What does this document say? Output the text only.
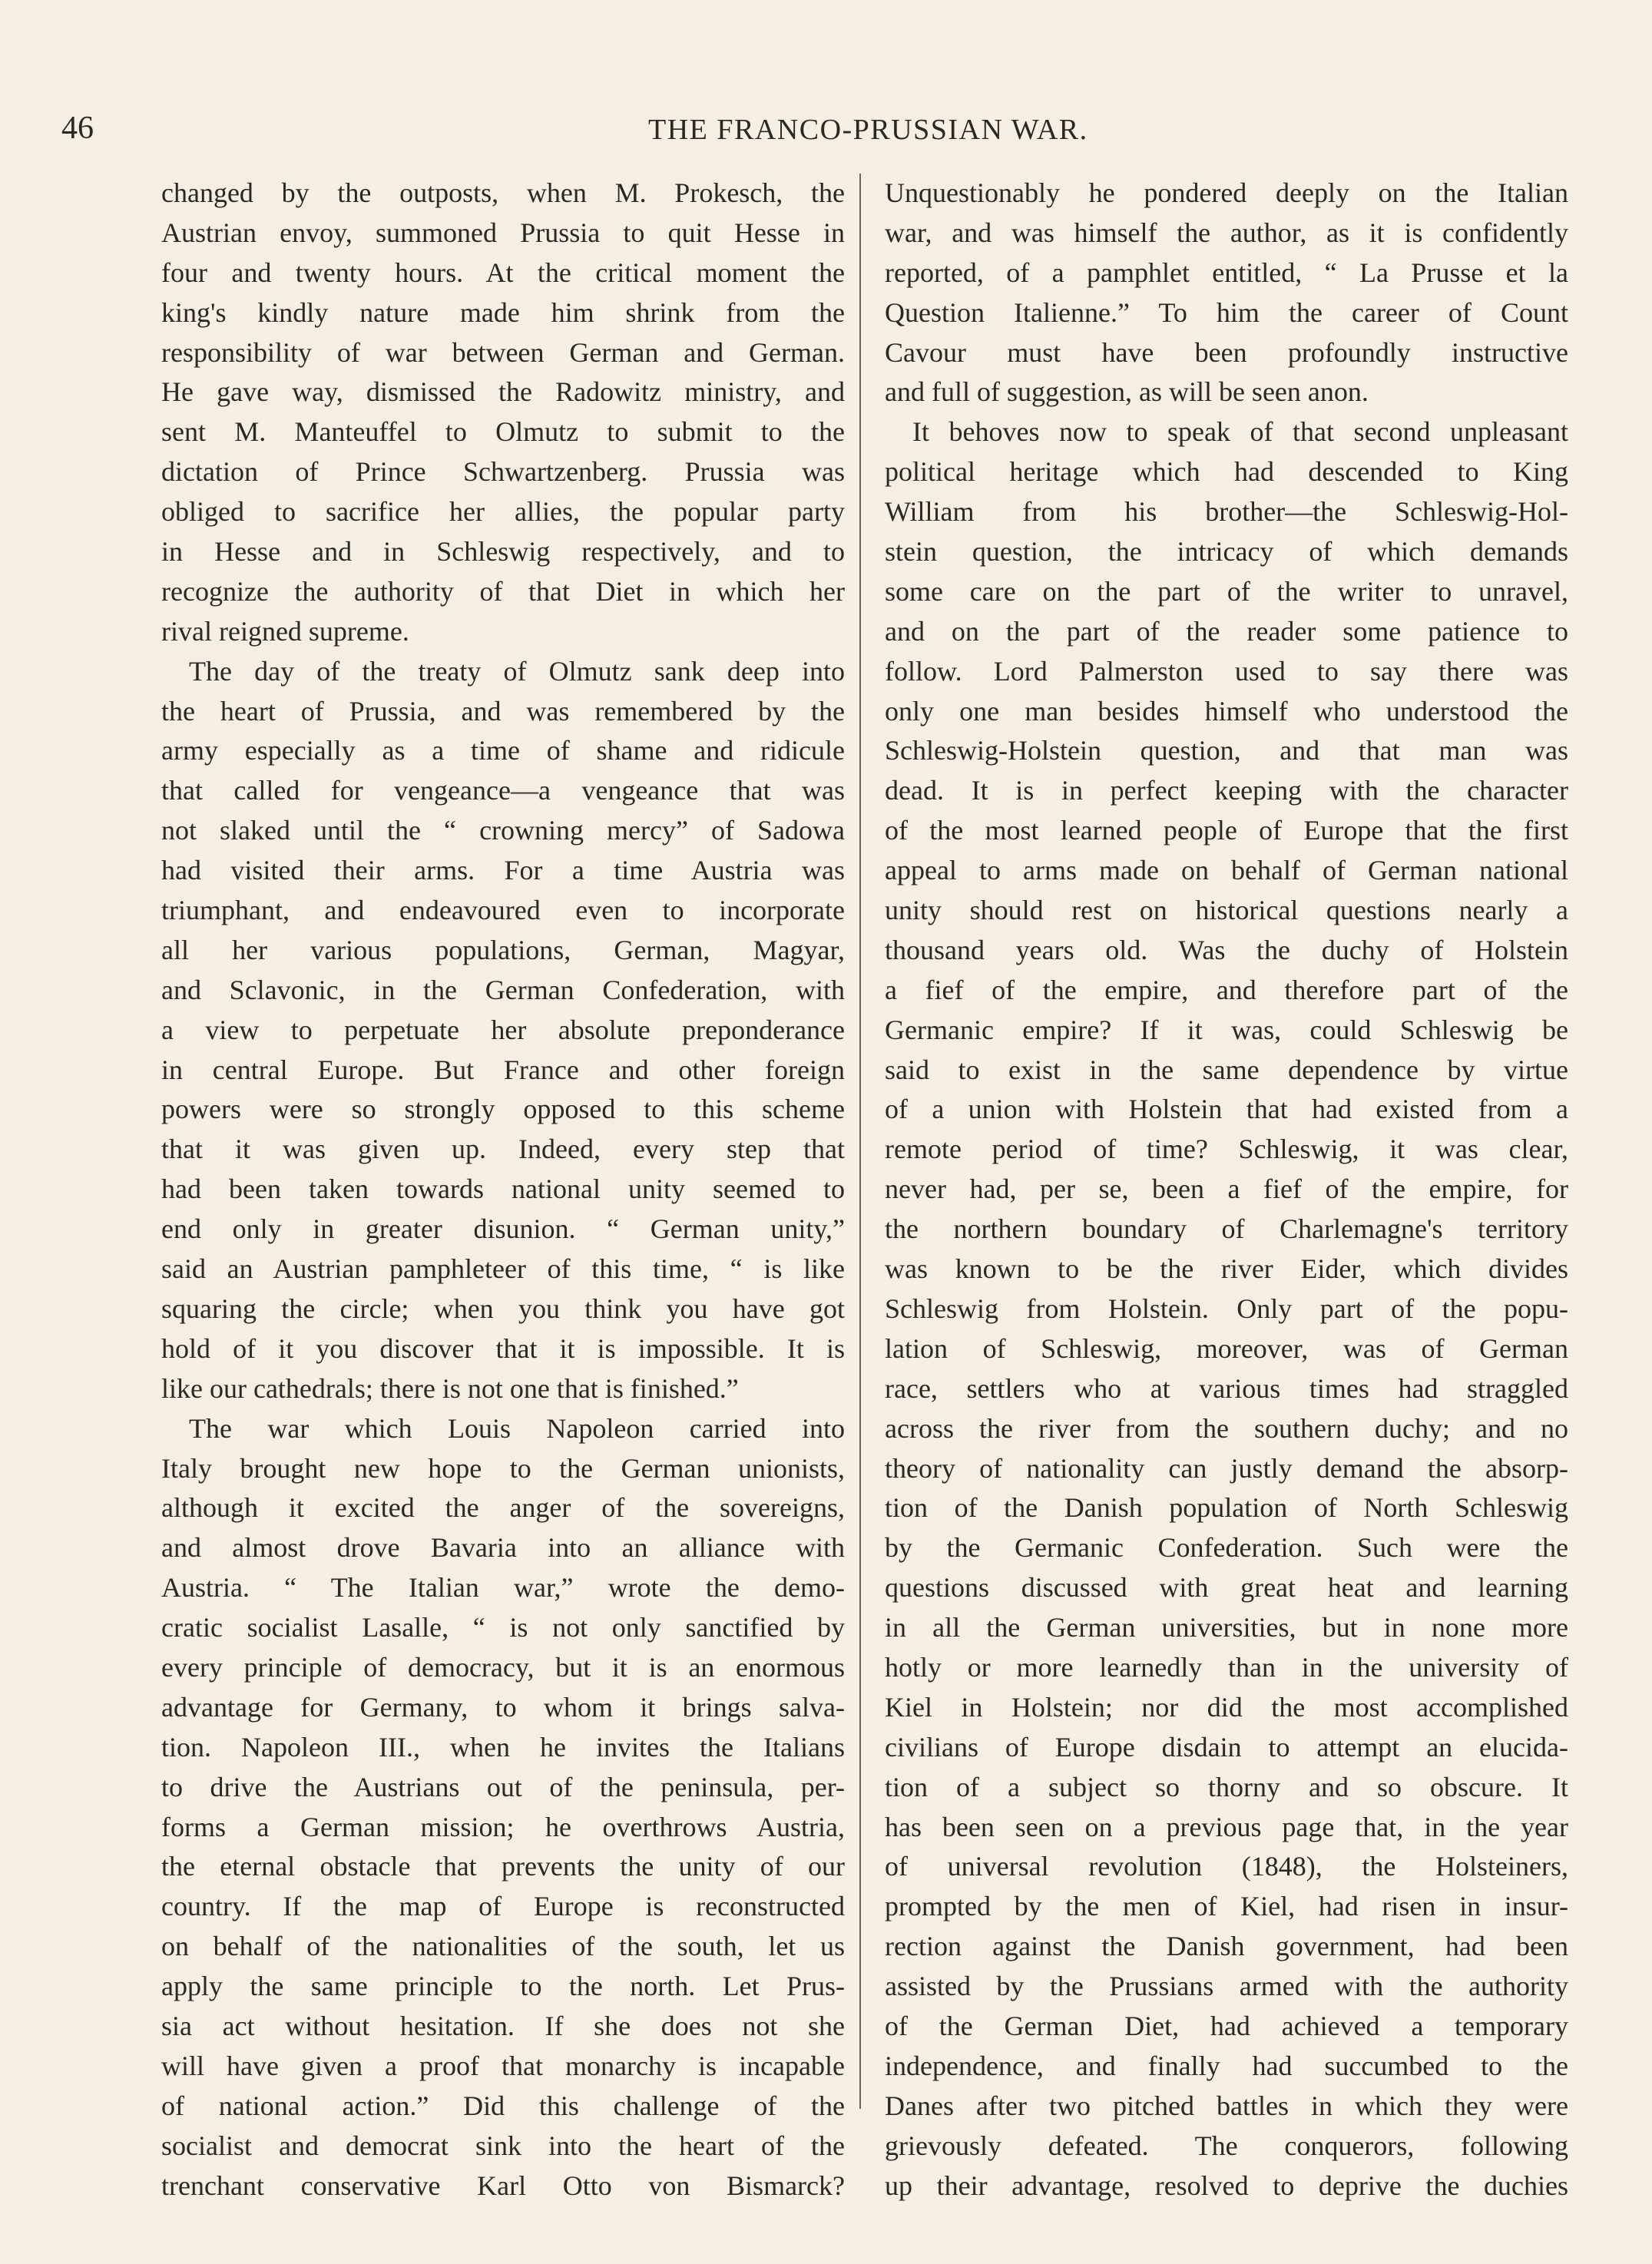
46	THE FRANCO-PRUSSIAN WAR.
changed by the outposts, when M. Prokesch, the
Austrian envoy, summoned Prussia to quit Hesse in
four and twenty hours. At the critical moment the
king's kindly nature made him shrink from the
responsibility of war between German and German.
He gave way, dismissed the Radowitz ministry, and
sent M. Manteuffel to Olmutz to submit to the
dictation of Prince Schwartzenberg. Prussia was
obliged to sacrifice her allies, the popular party
in Hesse and in Schleswig respectively, and to
recognize the authority of that Diet in which her
rival reigned supreme.
The day of the treaty of Olmutz sank deep into
the heart of Prussia, and was remembered by the
army especially as a time of shame and ridicule
that called for vengeance—a vengeance that was
not slaked until the “ crowning mercy” of Sadowa
had visited their arms. For a time Austria was
triumphant, and endeavoured even to incorporate
all her various populations, German, Magyar,
and Sclavonic, in the German Confederation, with
a view to perpetuate her absolute preponderance
in central Europe. But France and other foreign
powers were so strongly opposed to this scheme
that it was given up. Indeed, every step that
had been taken towards national unity seemed to
end only in greater disunion. “ German unity,”
said an Austrian pamphleteer of this time, “ is like
squaring the circle; when you think you have got
hold of it you discover that it is impossible. It is
like our cathedrals; there is not one that is finished.”
The war which Louis Napoleon carried into
Italy brought new hope to the German unionists,
although it excited the anger of the sovereigns,
and almost drove Bavaria into an alliance with
Austria. “ The Italian war,” wrote the demo-
cratic socialist Lasalle, “ is not only sanctified by
every principle of democracy, but it is an enormous
advantage for Germany, to whom it brings salva-
tion. Napoleon III., when he invites the Italians
to drive the Austrians out of the peninsula, per-
forms a German mission; he overthrows Austria,
the eternal obstacle that prevents the unity of our
country. If the map of Europe is reconstructed
on behalf of the nationalities of the south, let us
apply the same principle to the north. Let Prus-
sia act without hesitation. If she does not she
will have given a proof that monarchy is incapable
of national action.” Did this challenge of the
socialist and democrat sink into the heart of the
trenchant conservative Karl Otto von Bismarck?
Unquestionably he pondered deeply on the Italian
war, and was himself the author, as it is confidently
reported, of a pamphlet entitled, “ La Prusse et la
Question Italienne.” To him the career of Count
Cavour must have been profoundly instructive
and full of suggestion, as will be seen anon.
It behoves now to speak of that second unpleasant
political heritage which had descended to King
William from his brother—the Schleswig-Hol-
stein question, the intricacy of which demands
some care on the part of the writer to unravel,
and on the part of the reader some patience to
follow. Lord Palmerston used to say there was
only one man besides himself who understood the
Schleswig-Holstein question, and that man was
dead. It is in perfect keeping with the character
of the most learned people of Europe that the first
appeal to arms made on behalf of German national
unity should rest on historical questions nearly a
thousand years old. Was the duchy of Holstein
a fief of the empire, and therefore part of the
Germanic empire? If it was, could Schleswig be
said to exist in the same dependence by virtue
of a union with Holstein that had existed from a
remote period of time? Schleswig, it was clear,
never had, per se, been a fief of the empire, for
the northern boundary of Charlemagne's territory
was known to be the river Eider, which divides
Schleswig from Holstein. Only part of the popu-
lation of Schleswig, moreover, was of German
race, settlers who at various times had straggled
across the river from the southern duchy; and no
theory of nationality can justly demand the absorp-
tion of the Danish population of North Schleswig
by the Germanic Confederation. Such were the
questions discussed with great heat and learning
in all the German universities, but in none more
hotly or more learnedly than in the university of
Kiel in Holstein; nor did the most accomplished
civilians of Europe disdain to attempt an elucida-
tion of a subject so thorny and so obscure. It
has been seen on a previous page that, in the year
of universal revolution (1848), the Holsteiners,
prompted by the men of Kiel, had risen in insur-
rection against the Danish government, had been
assisted by the Prussians armed with the authority
of the German Diet, had achieved a temporary
independence, and finally had succumbed to the
Danes after two pitched battles in which they were
grievously defeated. The conquerors, following
up their advantage, resolved to deprive the duchies
